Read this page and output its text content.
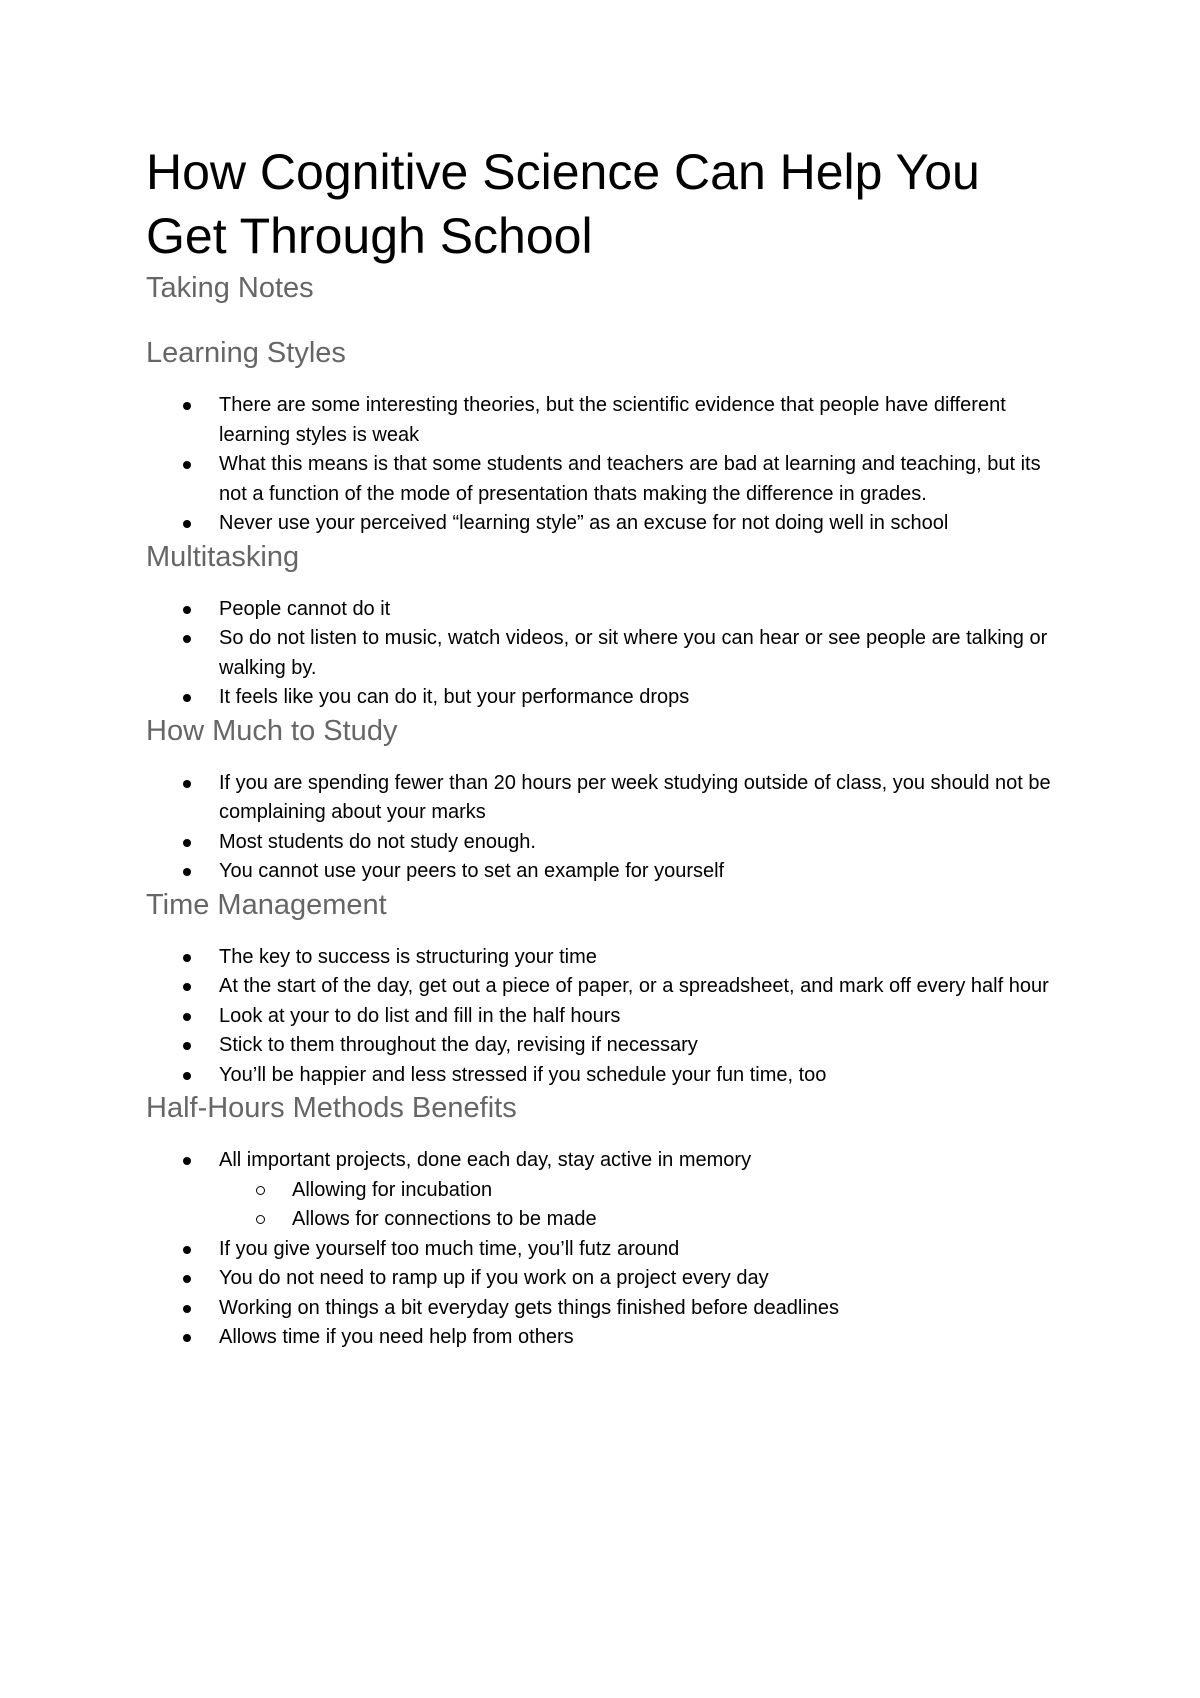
How Cognitive Science Can Help You Get Through School
Taking Notes
Learning Styles
There are some interesting theories, but the scientific evidence that people have different learning styles is weak
What this means is that some students and teachers are bad at learning and teaching, but its not a function of the mode of presentation thats making the difference in grades.
Never use your perceived “learning style” as an excuse for not doing well in school
Multitasking
People cannot do it
So do not listen to music, watch videos, or sit where you can hear or see people are talking or walking by.
It feels like you can do it, but your performance drops
How Much to Study
If you are spending fewer than 20 hours per week studying outside of class, you should not be complaining about your marks
Most students do not study enough.
You cannot use your peers to set an example for yourself
Time Management
The key to success is structuring your time
At the start of the day, get out a piece of paper, or a spreadsheet, and mark off every half hour
Look at your to do list and fill in the half hours
Stick to them throughout the day, revising if necessary
You’ll be happier and less stressed if you schedule your fun time, too
Half-Hours Methods Benefits
All important projects, done each day, stay active in memory
Allowing for incubation
Allows for connections to be made
If you give yourself too much time, you’ll futz around
You do not need to ramp up if you work on a project every day
Working on things a bit everyday gets things finished before deadlines
Allows time if you need help from others
